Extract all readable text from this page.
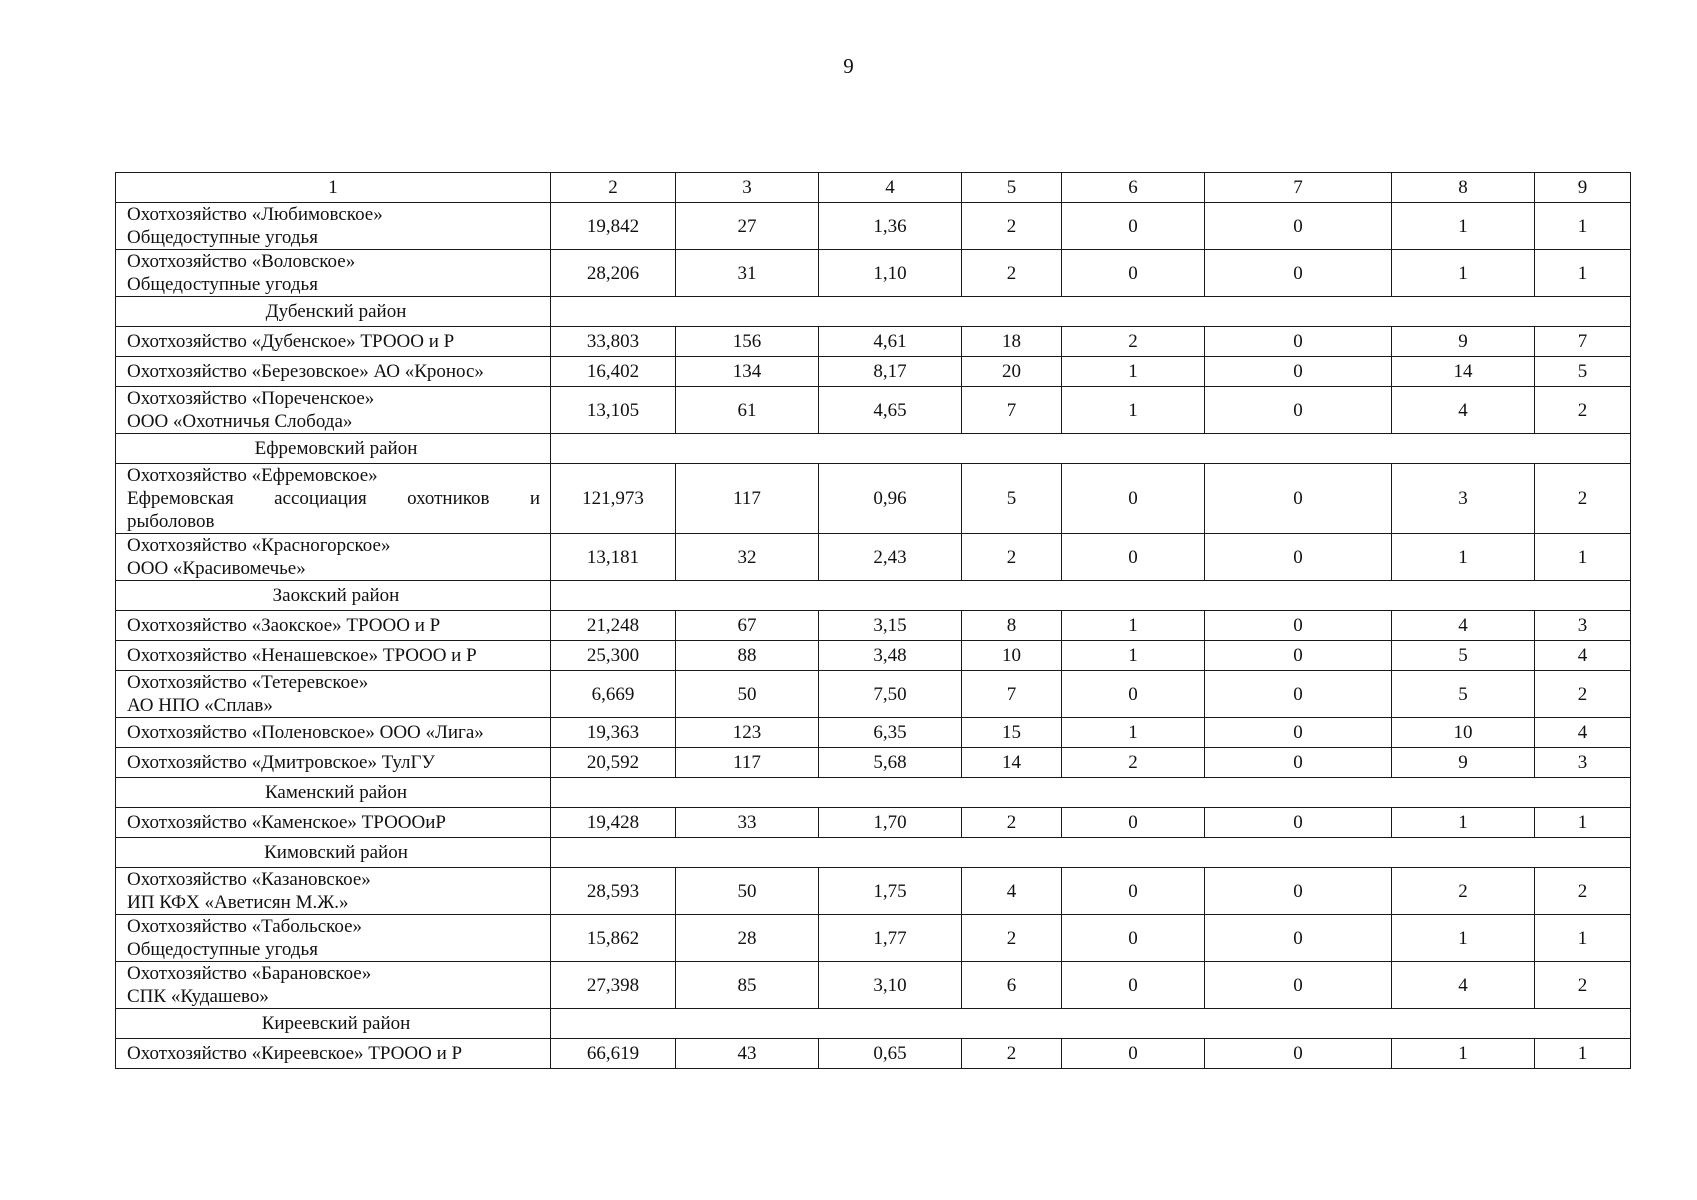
9
1	2	3	4	5	6	7	8	9

Охотхозяйство «Любимовское»
Общедоступные угодья	19,842	27	1,36	2	0	0	1	1

Охотхозяйство «Воловское»
Общедоступные угодья	28,206	31	1,10	2	0	0	1	1

Дубенский район								

Охотхозяйство «Дубенское» ТРООО и Р	33,803	156	4,61	18	2	0	9	7

Охотхозяйство «Березовское» АО «Кронос»	16,402	134	8,17	20	1	0	14	5

Охотхозяйство «Пореченское»
ООО «Охотничья Слобода»	13,105	61	4,65	7	1	0	4	2

Ефремовский район								

Охотхозяйство «Ефремовское»
Ефремовская ассоциация охотников и
рыболовов	121,973	117	0,96	5	0	0	3	2

Охотхозяйство «Красногорское»
ООО «Красивомечье»	13,181	32	2,43	2	0	0	1	1

Заокский район								

Охотхозяйство «Заокское» ТРООО и Р	21,248	67	3,15	8	1	0	4	3

Охотхозяйство «Ненашевское» ТРООО и Р	25,300	88	3,48	10	1	0	5	4

Охотхозяйство «Тетеревское»
АО НПО «Сплав»	6,669	50	7,50	7	0	0	5	2

Охотхозяйство «Поленовское» ООО «Лига»	19,363	123	6,35	15	1	0	10	4

Охотхозяйство «Дмитровское» ТулГУ	20,592	117	5,68	14	2	0	9	3

Каменский район								

Охотхозяйство «Каменское» ТРОООиР	19,428	33	1,70	2	0	0	1	1

Кимовский район								

Охотхозяйство «Казановское»
ИП КФХ «Аветисян М.Ж.»	28,593	50	1,75	4	0	0	2	2

Охотхозяйство «Табольское»
Общедоступные угодья	15,862	28	1,77	2	0	0	1	1

Охотхозяйство «Барановское»
СПК «Кудашево»	27,398	85	3,10	6	0	0	4	2

Киреевский район								

Охотхозяйство «Киреевское» ТРООО и Р	66,619	43	0,65	2	0	0	1	1
